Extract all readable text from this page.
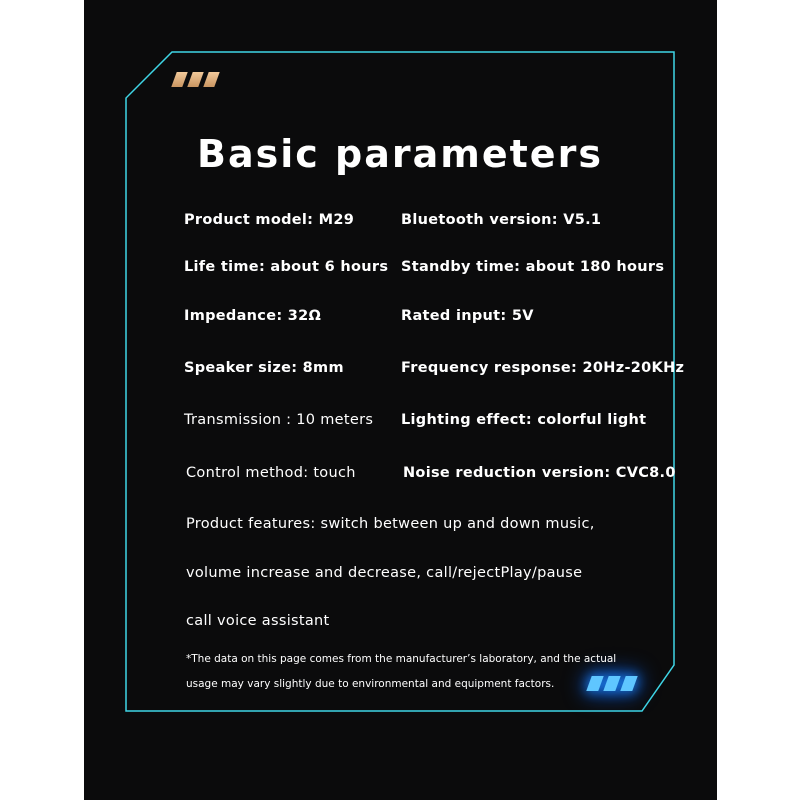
Basic parameters
Product model: M29
Life time: about 6 hours
Impedance: 32Ω
Speaker size: 8mm
Transmission : 10 meters
Control method: touch
Bluetooth version: V5.1
Standby time: about 180 hours
Rated input: 5V
Frequency response: 20Hz-20KHz
Lighting effect: colorful light
Noise reduction version: CVC8.0
Product features: switch between up and down music,
volume increase and decrease, call/rejectPlay/pause
call voice assistant
*The data on this page comes from the manufacturer’s laboratory, and the actual
usage may vary slightly due to environmental and equipment factors.
